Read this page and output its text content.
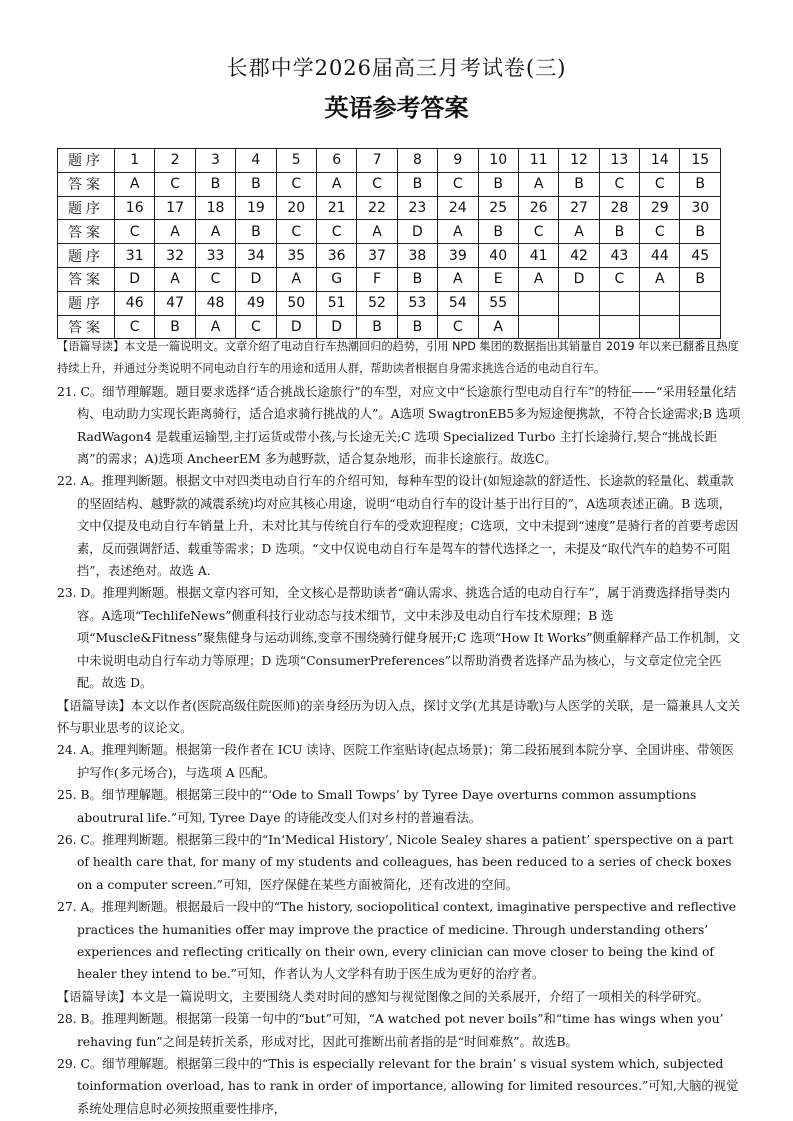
长郡中学2026届高三月考试卷(三)
英语参考答案
题序	1	2	3	4	5	6	7	8	9	10	11	12	13	14	15
答案	A	C	B	B	C	A	C	B	C	B	A	B	C	C	B
题序	16	17	18	19	20	21	22	23	24	25	26	27	28	29	30
答案	C	A	A	B	C	C	A	D	A	B	C	A	B	C	B
题序	31	32	33	34	35	36	37	38	39	40	41	42	43	44	45
答案	D	A	C	D	A	G	F	B	A	E	A	D	C	A	B
题序	46	47	48	49	50	51	52	53	54	55					
答案	C	B	A	C	D	D	B	B	C	A					

【语篇导读】本文是一篇说明文。文章介绍了电动自行车热潮回归的趋势，引用 NPD 集团的数据指出其销量自 2019 年以来已翻番且热度持续上升，并通过分类说明不同电动自行车的用途和适用人群，帮助读者根据自身需求挑选合适的电动自行车。

21. C。细节理解题。题目要求选择“适合挑战长途旅行”的车型，对应文中“长途旅行型电动自行车”的特征——“采用轻量化结构、电动助力实现长距离骑行，适合追求骑行挑战的人”。A选项 SwagtronEB5多为短途便携款，不符合长途需求;B 选项 RadWagon4 是载重运输型,主打运货或带小孩,与长途无关;C 选项 Specialized Turbo 主打长途骑行,契合“挑战长距离”的需求；A)选项 AncheerEM 多为越野款，适合复杂地形，而非长途旅行。故选C。

22. A。推理判断题。根据文中对四类电动自行车的介绍可知，每种车型的设计(如短途款的舒适性、长途款的轻量化、载重款的坚固结构、越野款的减震系统)均对应其核心用途，说明“电动自行车的设计基于出行目的”，A选项表述正确。B 选项，文中仅提及电动自行车销量上升，未对比其与传统自行车的受欢迎程度；C选项，文中未提到“速度”是骑行者的首要考虑因素，反而强调舒适、载重等需求；D 选项。“文中仅说电动自行车是驾车的替代选择之一，未提及“取代汽车的趋势不可阻挡”，表述绝对。故选 A.

23. D。推理判断题。根据文章内容可知，全文核心是帮助读者“确认需求、挑选合适的电动自行车”，属于消费选择指导类内容。A选项“TechlifeNews”侧重科技行业动态与技术细节，文中未涉及电动自行车技术原理；B 选项“Muscle&Fitness”聚焦健身与运动训练,变章不围绕骑行健身展开;C 选项“How It Works”侧重解释产品工作机制，文中未说明电动自行车动力等原理；D 选项“ConsumerPreferences”以帮助消费者选择产品为核心，与文章定位完全匹配。故选 D。

【语篇导读】本文以作者(医院高级住院医师)的亲身经历为切入点，探讨文学(尤其是诗歌)与人医学的关联，是一篇兼具人文关怀与职业思考的议论文。

24. A。推理判断题。根据第一段作者在 ICU 读诗、医院工作室贴诗(起点场景)；第二段拓展到本院分享、全国讲座、带领医护写作(多元场合)，与选项 A 匹配。

25. B。细节理解题。根据第三段中的“‘Ode to Small Towps’ by Tyree Daye overturns common assumptions aboutrural life.”可知, Tyree Daye 的诗能改变人们对乡村的普遍看法。

26. C。推理判断题。根据第三段中的“In‘Medical History’, Nicole Sealey shares a patient’ sperspective on a part of health care that, for many of my students and colleagues, has been reduced to a series of check boxes on a computer screen.”可知，医疗保健在某些方面被简化，还有改进的空间。

27. A。推理判断题。根据最后一段中的“The history, sociopolitical context, imaginative perspective and reflective practices the humanities offer may improve the practice of medicine. Through understanding others’ experiences and reflecting critically on their own, every clinician can move closer to being the kind of healer they intend to be.”可知，作者认为人文学科有助于医生成为更好的治疗者。

【语篇导读】本文是一篇说明文，主要围绕人类对时间的感知与视觉图像之间的关系展开，介绍了一项相关的科学研究。

28. B。推理判断题。根据第一段第一句中的“but”可知，“A watched pot never boils”和“time has wings when you’ rehaving fun”之间是转折关系，形成对比，因此可推断出前者指的是“时间难熬”。故选B。

29. C。细节理解题。根据第三段中的“This is especially relevant for the brain’ s visual system which, subjected toinformation overload, has to rank in order of importance, allowing for limited resources.”可知,大脑的视觉系统处理信息时必须按照重要性排序，
